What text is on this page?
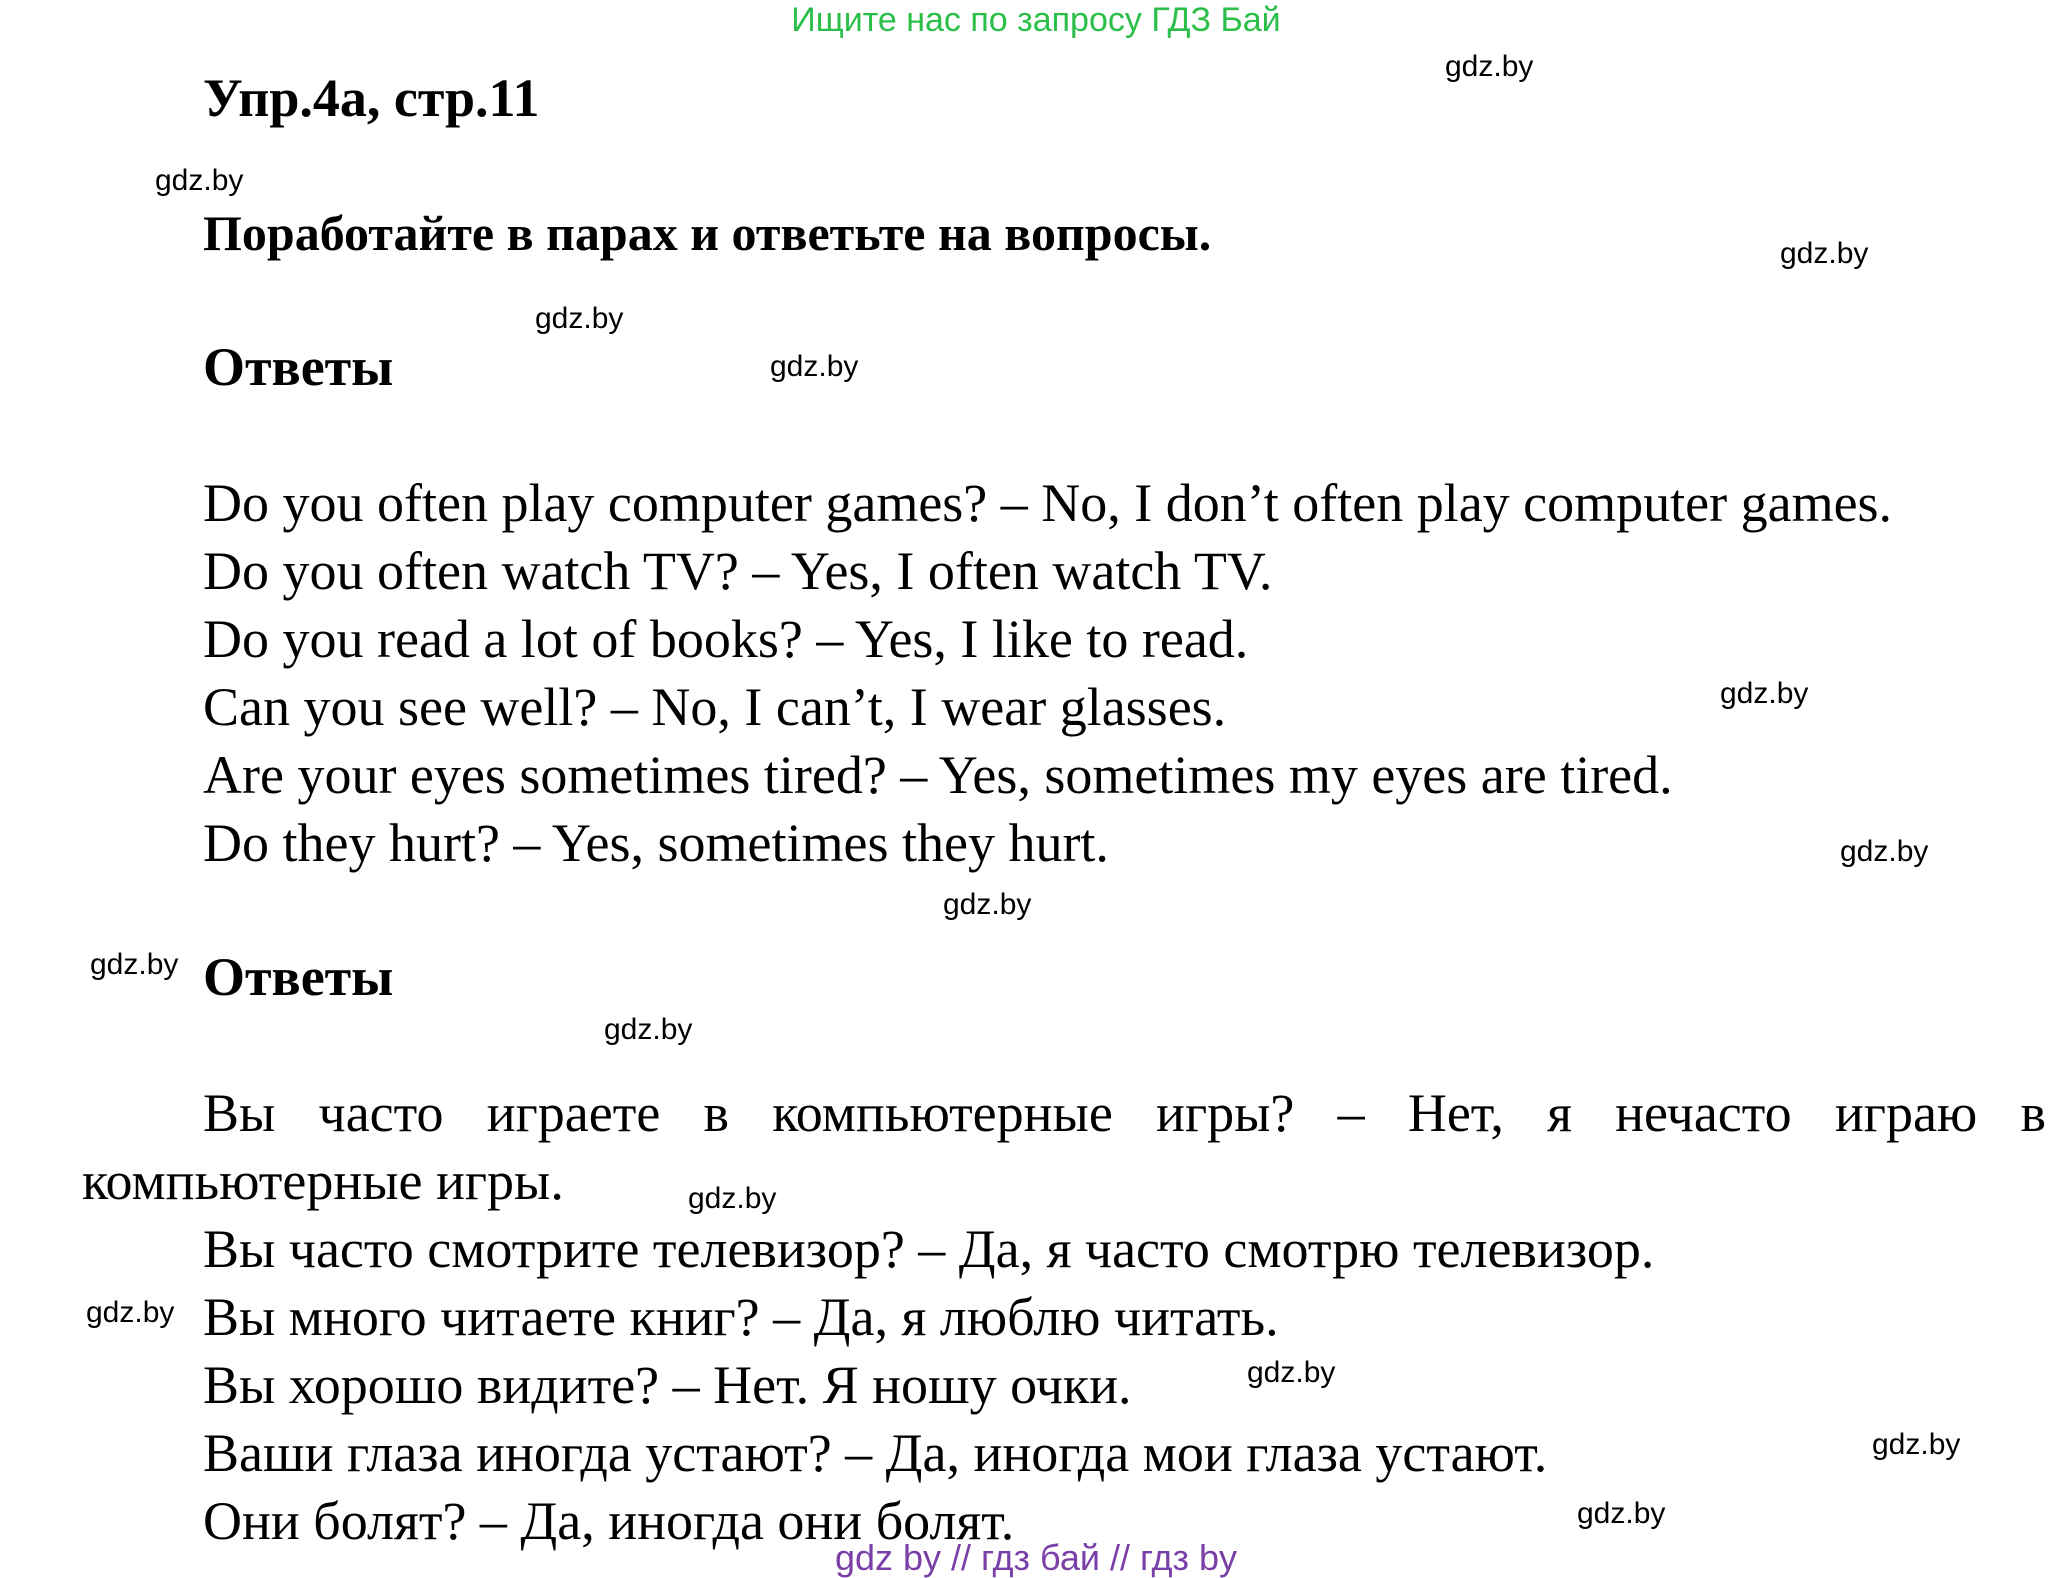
Ищите нас по запросу ГДЗ Бай
Упр.4а, стр.11
Поработайте в парах и ответьте на вопросы.
Ответы
Do you often play computer games? – No, I don’t often play computer games.
Do you often watch TV? – Yes, I often watch TV.
Do you read a lot of books? – Yes, I like to read.
Can you see well? – No, I can’t, I wear glasses.
Are your eyes sometimes tired? – Yes, sometimes my eyes are tired.
Do they hurt? – Yes, sometimes they hurt.
Ответы
Вы часто играете в компьютерные игры? – Нет, я нечасто играю в
компьютерные игры.
Вы часто смотрите телевизор? – Да, я часто смотрю телевизор.
Вы много читаете книг? – Да, я люблю читать.
Вы хорошо видите? – Нет. Я ношу очки.
Ваши глаза иногда устают? – Да, иногда мои глаза устают.
Они болят? – Да, иногда они болят.
gdz.by
gdz.by
gdz.by
gdz.by
gdz.by
gdz.by
gdz.by
gdz.by
gdz.by
gdz.by
gdz.by
gdz.by
gdz.by
gdz.by
gdz.by
gdz by // гдз бай // гдз by
